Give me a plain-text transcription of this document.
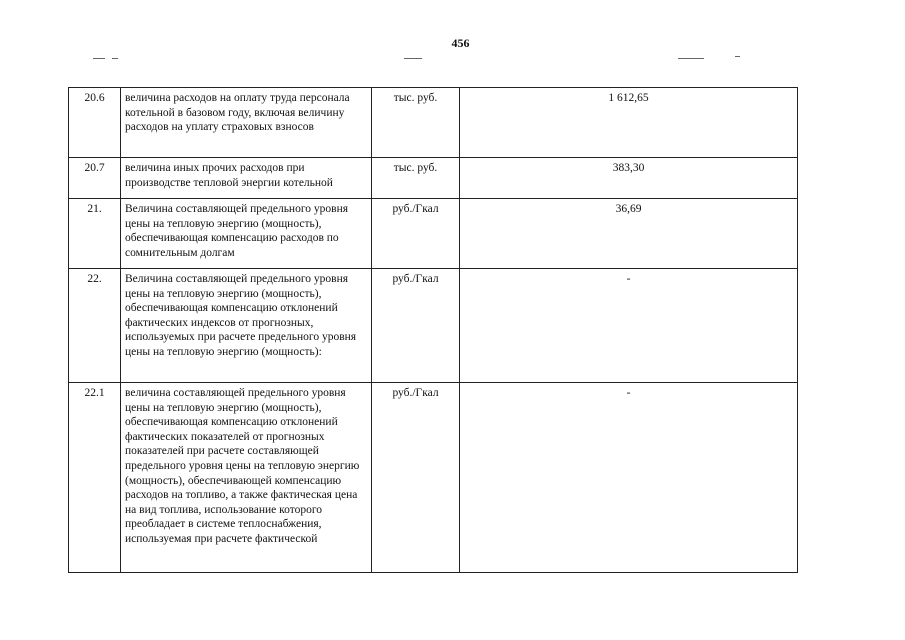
456
20.6	величина расходов на оплату труда персонала котельной в базовом году, включая величину расходов на уплату страховых взносов	тыс. руб.	1 612,65
20.7	величина иных прочих расходов при производстве тепловой энергии котельной	тыс. руб.	383,30
21.	Величина составляющей предельного уровня цены на тепловую энергию (мощность), обеспечивающая компенсацию расходов по сомнительным долгам	руб./Гкал	36,69
22.	Величина составляющей предельного уровня цены на тепловую энергию (мощность), обеспечивающая компенсацию отклонений фактических индексов от прогнозных, используемых при расчете предельного уровня цены на тепловую энергию (мощность):	руб./Гкал	-
22.1	величина составляющей предельного уровня цены на тепловую энергию (мощность), обеспечивающая компенсацию отклонений фактических показателей от прогнозных показателей при расчете составляющей предельного уровня цены на тепловую энергию (мощность), обеспечивающей компенсацию расходов на топливо, а также фактическая цена на вид топлива, использование которого преобладает в системе теплоснабжения, используемая при расчете фактической	руб./Гкал	-
